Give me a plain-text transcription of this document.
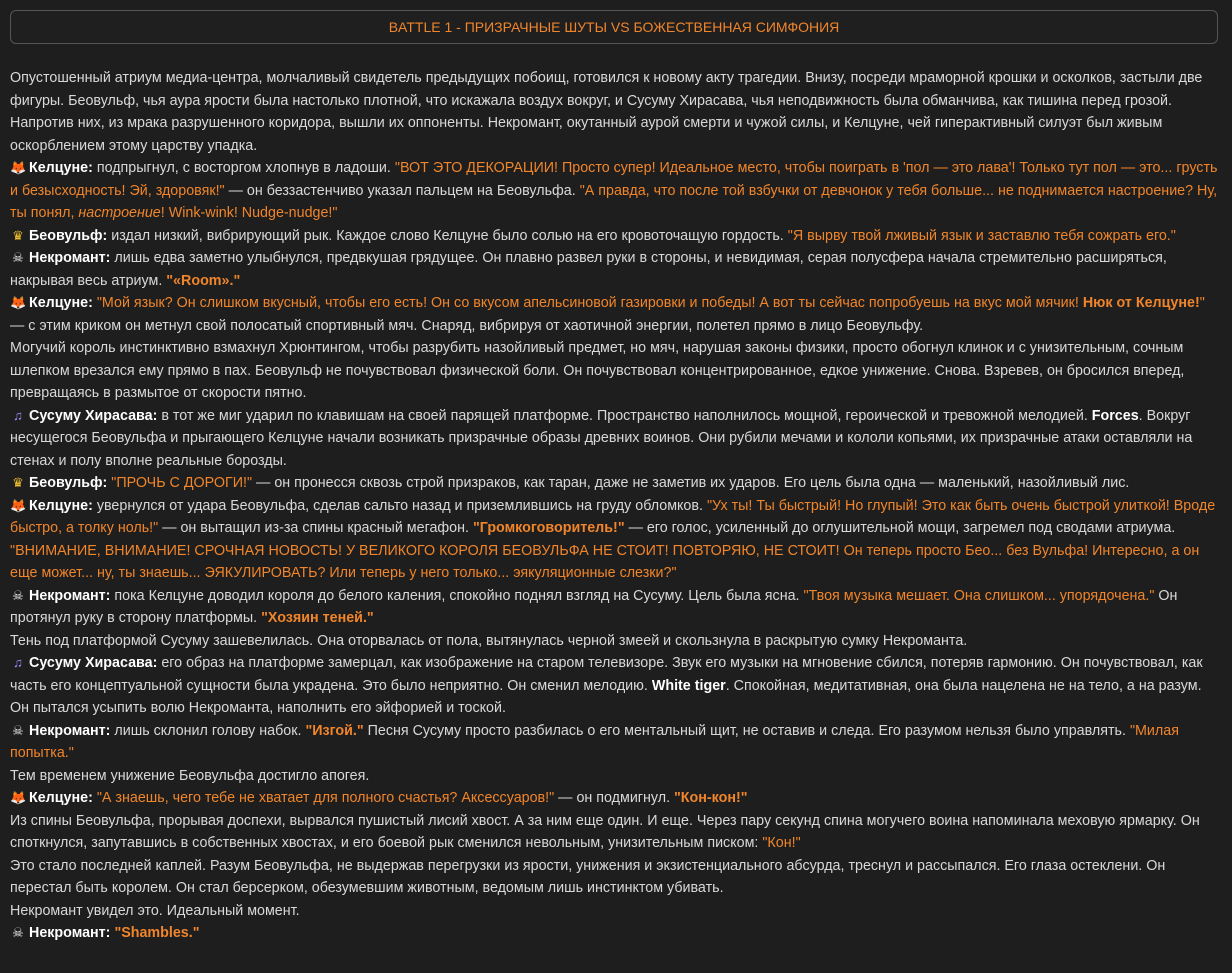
BATTLE 1 - ПРИЗРАЧНЫЕ ШУТЫ VS БОЖЕСТВЕННАЯ СИМФОНИЯ

Опустошенный атриум медиа-центра, молчаливый свидетель предыдущих побоищ, готовился к новому акту трагедии. Внизу, посреди мраморной крошки и осколков, застыли две фигуры. Беовульф, чья аура ярости была настолько плотной, что искажала воздух вокруг, и Сусуму Хирасава, чья неподвижность была обманчива, как тишина перед грозой.

Напротив них, из мрака разрушенного коридора, вышли их оппоненты. Некромант, окутанный аурой смерти и чужой силы, и Келцуне, чей гиперактивный силуэт был живым оскорблением этому царству упадка.

🦊 Келцуне: подпрыгнул, с восторгом хлопнув в ладоши. "ВОТ ЭТО ДЕКОРАЦИИ! Просто супер! Идеальное место, чтобы поиграть в 'пол — это лава'! Только тут пол — это... грусть и безысходность! Эй, здоровяк!" — он беззастенчиво указал пальцем на Беовульфа. "А правда, что после той взбучки от девчонок у тебя больше... не поднимается настроение? Ну, ты понял, настроение! Wink-wink! Nudge-nudge!"

♛ Беовульф: издал низкий, вибрирующий рык. Каждое слово Келцуне было солью на его кровоточащую гордость. "Я вырву твой лживый язык и заставлю тебя сожрать его."

☠ Некромант: лишь едва заметно улыбнулся, предвкушая грядущее. Он плавно развел руки в стороны, и невидимая, серая полусфера начала стремительно расширяться, накрывая весь атриум. "«Room»."

🦊 Келцуне: "Мой язык? Он слишком вкусный, чтобы его есть! Он со вкусом апельсиновой газировки и победы! А вот ты сейчас попробуешь на вкус мой мячик! Нюк от Келцуне!" — с этим криком он метнул свой полосатый спортивный мяч. Снаряд, вибрируя от хаотичной энергии, полетел прямо в лицо Беовульфу.

Могучий король инстинктивно взмахнул Хрюнтингом, чтобы разрубить назойливый предмет, но мяч, нарушая законы физики, просто обогнул клинок и с унизительным, сочным шлепком врезался ему прямо в пах. Беовульф не почувствовал физической боли. Он почувствовал концентрированное, едкое унижение. Снова. Взревев, он бросился вперед, превращаясь в размытое от скорости пятно.

♫ Сусуму Хирасава: в тот же миг ударил по клавишам на своей парящей платформе. Пространство наполнилось мощной, героической и тревожной мелодией. Forces. Вокруг несущегося Беовульфа и прыгающего Келцуне начали возникать призрачные образы древних воинов. Они рубили мечами и кололи копьями, их призрачные атаки оставляли на стенах и полу вполне реальные борозды.

♛ Беовульф: "ПРОЧЬ С ДОРОГИ!" — он пронесся сквозь строй призраков, как таран, даже не заметив их ударов. Его цель была одна — маленький, назойливый лис.

🦊 Келцуне: увернулся от удара Беовульфа, сделав сальто назад и приземлившись на груду обломков. "Ух ты! Ты быстрый! Но глупый! Это как быть очень быстрой улиткой! Вроде быстро, а толку ноль!" — он вытащил из-за спины красный мегафон. "Громкоговоритель!" — его голос, усиленный до оглушительной мощи, загремел под сводами атриума. "ВНИМАНИЕ, ВНИМАНИЕ! СРОЧНАЯ НОВОСТЬ! У ВЕЛИКОГО КОРОЛЯ БЕОВУЛЬФА НЕ СТОИТ! ПОВТОРЯЮ, НЕ СТОИТ! Он теперь просто Бео... без Вульфа! Интересно, а он еще может... ну, ты знаешь... ЭЯКУЛИРОВАТЬ? Или теперь у него только... эякуляционные слезки?"

☠ Некромант: пока Келцуне доводил короля до белого каления, спокойно поднял взгляд на Сусуму. Цель была ясна. "Твоя музыка мешает. Она слишком... упорядочена." Он протянул руку в сторону платформы. "Хозяин теней."

Тень под платформой Сусуму зашевелилась. Она оторвалась от пола, вытянулась черной змеей и скользнула в раскрытую сумку Некроманта.

♫ Сусуму Хирасава: его образ на платформе замерцал, как изображение на старом телевизоре. Звук его музыки на мгновение сбился, потеряв гармонию. Он почувствовал, как часть его концептуальной сущности была украдена. Это было неприятно. Он сменил мелодию. White tiger. Спокойная, медитативная, она была нацелена не на тело, а на разум. Он пытался усыпить волю Некроманта, наполнить его эйфорией и тоской.

☠ Некромант: лишь склонил голову набок. "Изгой." Песня Сусуму просто разбилась о его ментальный щит, не оставив и следа. Его разумом нельзя было управлять. "Милая попытка."

Тем временем унижение Беовульфа достигло апогея.

🦊 Келцуне: "А знаешь, чего тебе не хватает для полного счастья? Аксессуаров!" — он подмигнул. "Кон-кон!"

Из спины Беовульфа, прорывая доспехи, вырвался пушистый лисий хвост. А за ним еще один. И еще. Через пару секунд спина могучего воина напоминала меховую ярмарку. Он споткнулся, запутавшись в собственных хвостах, и его боевой рык сменился невольным, унизительным писком: "Кон!"

Это стало последней каплей. Разум Беовульфа, не выдержав перегрузки из ярости, унижения и экзистенциального абсурда, треснул и рассыпался. Его глаза остеклени. Он перестал быть королем. Он стал берсерком, обезумевшим животным, ведомым лишь инстинктом убивать.

Некромант увидел это. Идеальный момент.

☠ Некромант: "Shambles."
